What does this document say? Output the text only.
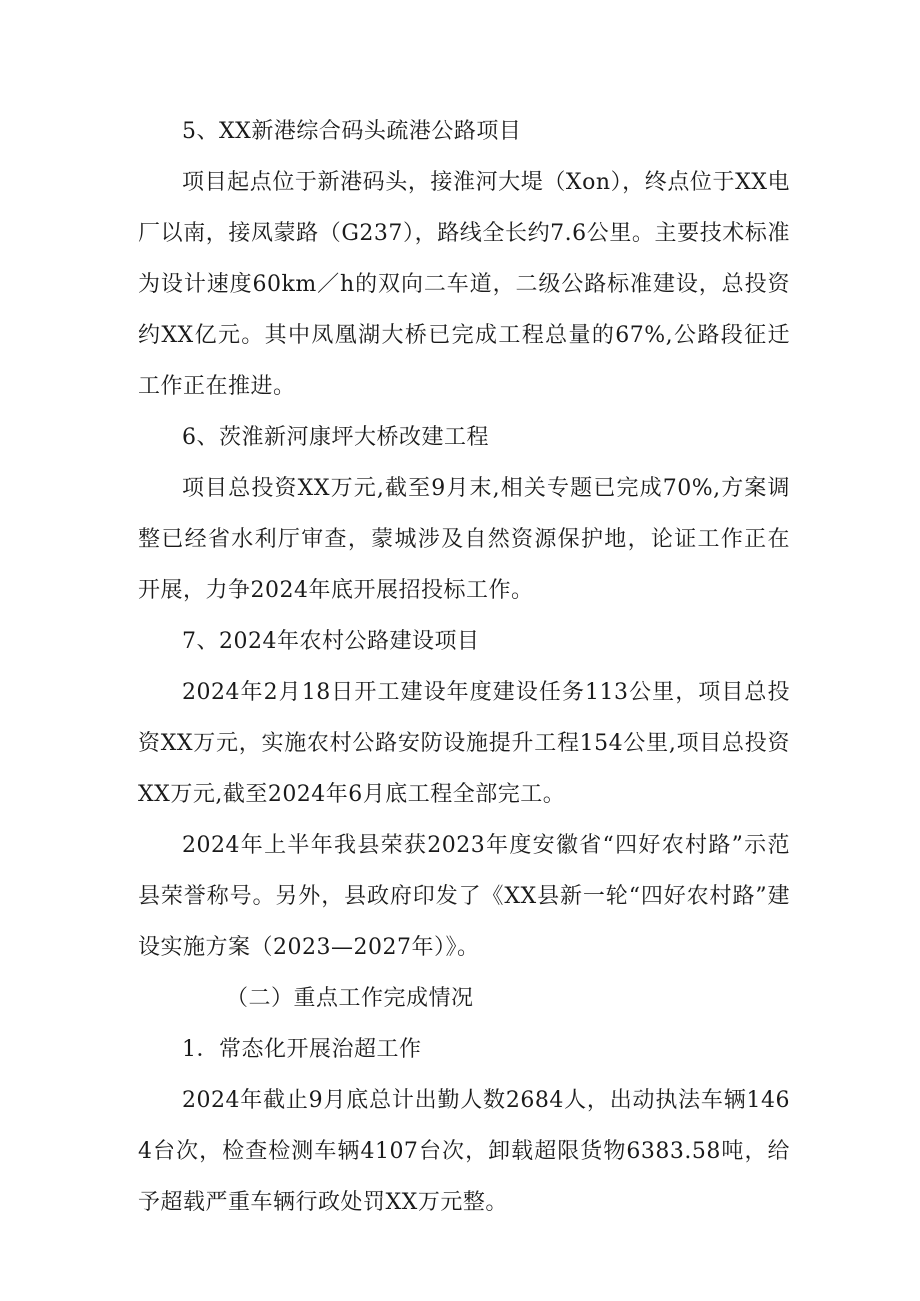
5、XX新港综合码头疏港公路项目

项目起点位于新港码头，接淮河大堤（Xon），终点位于XX电厂以南，接凤蒙路（G237），路线全长约7.6公里。主要技术标准为设计速度60km／h的双向二车道，二级公路标准建设，总投资约XX亿元。其中凤凰湖大桥已完成工程总量的67%,公路段征迁工作正在推进。

6、茨淮新河康坪大桥改建工程

项目总投资XX万元,截至9月末,相关专题已完成70%,方案调整已经省水利厅审查，蒙城涉及自然资源保护地，论证工作正在开展，力争2024年底开展招投标工作。

7、2024年农村公路建设项目

2024年2月18日开工建设年度建设任务113公里，项目总投资XX万元，实施农村公路安防设施提升工程154公里,项目总投资XX万元,截至2024年6月底工程全部完工。

2024年上半年我县荣获2023年度安徽省“四好农村路”示范县荣誉称号。另外，县政府印发了《XX县新一轮“四好农村路”建设实施方案（2023—2027年）》。

（二）重点工作完成情况

1．常态化开展治超工作

2024年截止9月底总计出勤人数2684人，出动执法车辆1464台次，检查检测车辆4107台次，卸载超限货物6383.58吨，给予超载严重车辆行政处罚XX万元整。
